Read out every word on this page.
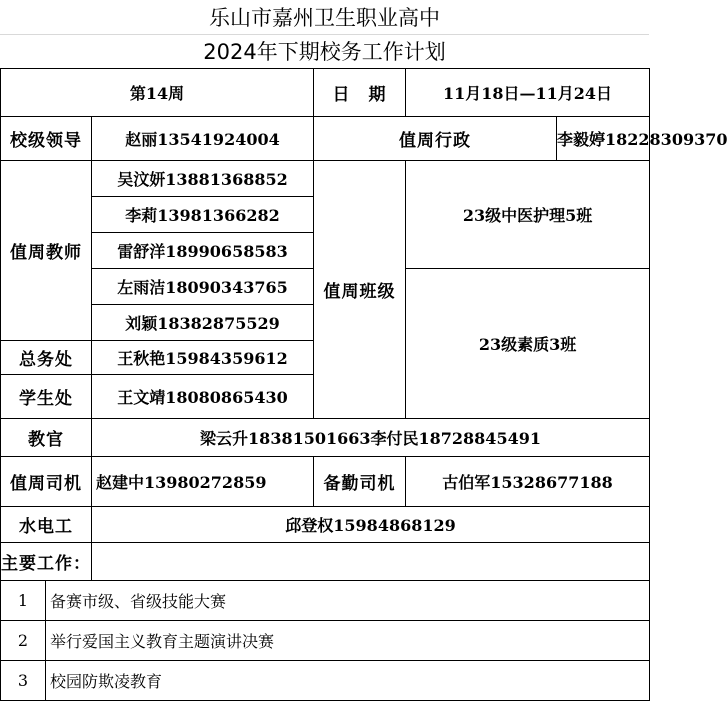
乐山市嘉州卫生职业高中
2024年下期校务工作计划
第14周			日　期	11月18日—11月24日	
校级领导		赵丽13541924004	值周行政		李毅婷18228309370
值周教师		吴汶妍13881368852	值周班级	23级中医护理5班	
		李莉13981366282			
		雷舒洋18990658583			
		左雨洁18090343765		23级素质3班	
		刘颖18382875529			
总务处		王秋艳15984359612			
学生处		王文靖18080865430			
教官		梁云升18381501663李付民18728845491			
值周司机		赵建中13980272859	备勤司机	古伯军15328677188	
水电工		邱登权15984868129			
主要工作：					
1	备赛市级、省级技能大赛				
2	举行爱国主义教育主题演讲决赛				
3	校园防欺凌教育				
